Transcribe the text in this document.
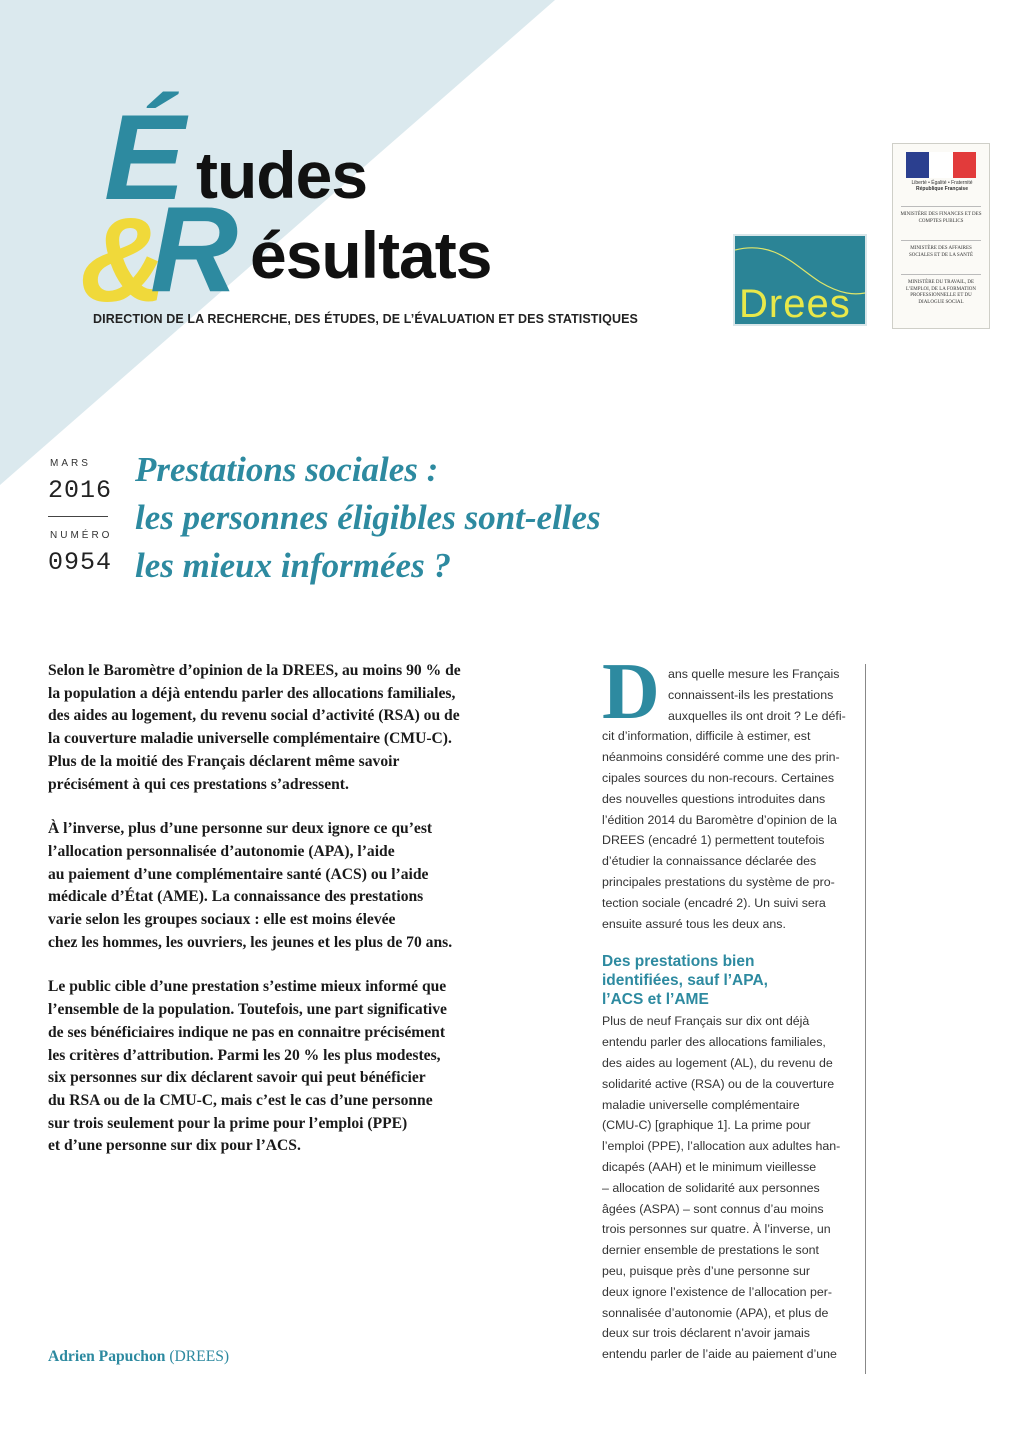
É tudes
&
R ésultats
DIRECTION DE LA RECHERCHE, DES ÉTUDES, DE L’ÉVALUATION ET DES STATISTIQUES	Drees
Liberté • Égalité • Fraternité
République Française
MINISTÈRE DES FINANCES ET DES COMPTES PUBLICS
MINISTÈRE DES AFFAIRES SOCIALES ET DE LA SANTÉ
MINISTÈRE DU TRAVAIL, DE L’EMPLOI, DE LA FORMATION PROFESSIONNELLE ET DU DIALOGUE SOCIAL
MARS
2016
NUMÉRO
0954
Prestations sociales :
les personnes éligibles sont-elles
les mieux informées ?

Selon le Baromètre d’opinion de la DREES, au moins 90 % de
la population a déjà entendu parler des allocations familiales,
des aides au logement, du revenu social d’activité (RSA) ou de
la couverture maladie universelle complémentaire (CMU-C).
Plus de la moitié des Français déclarent même savoir
précisément à qui ces prestations s’adressent.

À l’inverse, plus d’une personne sur deux ignore ce qu’est
l’allocation personnalisée d’autonomie (APA), l’aide
au paiement d’une complémentaire santé (ACS) ou l’aide
médicale d’État (AME). La connaissance des prestations
varie selon les groupes sociaux : elle est moins élevée
chez les hommes, les ouvriers, les jeunes et les plus de 70 ans.

Le public cible d’une prestation s’estime mieux informé que
l’ensemble de la population. Toutefois, une part significative
de ses bénéficiaires indique ne pas en connaitre précisément
les critères d’attribution. Parmi les 20 % les plus modestes,
six personnes sur dix déclarent savoir qui peut bénéficier
du RSA ou de la CMU-C, mais c’est le cas d’une personne
sur trois seulement pour la prime pour l’emploi (PPE)
et d’une personne sur dix pour l’ACS.

Adrien Papuchon (DREES)
D ans quelle mesure les Français
connaissent-ils les prestations
auxquelles ils ont droit ? Le défi-
cit d’information, difficile à estimer, est
néanmoins considéré comme une des prin-
cipales sources du non-recours. Certaines
des nouvelles questions introduites dans
l’édition 2014 du Baromètre d’opinion de la
DREES (encadré 1) permettent toutefois
d’étudier la connaissance déclarée des
principales prestations du système de pro-
tection sociale (encadré 2). Un suivi sera
ensuite assuré tous les deux ans.
Des prestations bien
identifiées, sauf l’APA,
l’ACS et l’AME
Plus de neuf Français sur dix ont déjà
entendu parler des allocations familiales,
des aides au logement (AL), du revenu de
solidarité active (RSA) ou de la couverture
maladie universelle complémentaire
(CMU-C) [graphique 1]. La prime pour
l’emploi (PPE), l’allocation aux adultes han-
dicapés (AAH) et le minimum vieillesse
– allocation de solidarité aux personnes
âgées (ASPA) – sont connus d’au moins
trois personnes sur quatre. À l’inverse, un
dernier ensemble de prestations le sont
peu, puisque près d’une personne sur
deux ignore l’existence de l’allocation per-
sonnalisée d’autonomie (APA), et plus de
deux sur trois déclarent n’avoir jamais
entendu parler de l’aide au paiement d’une
